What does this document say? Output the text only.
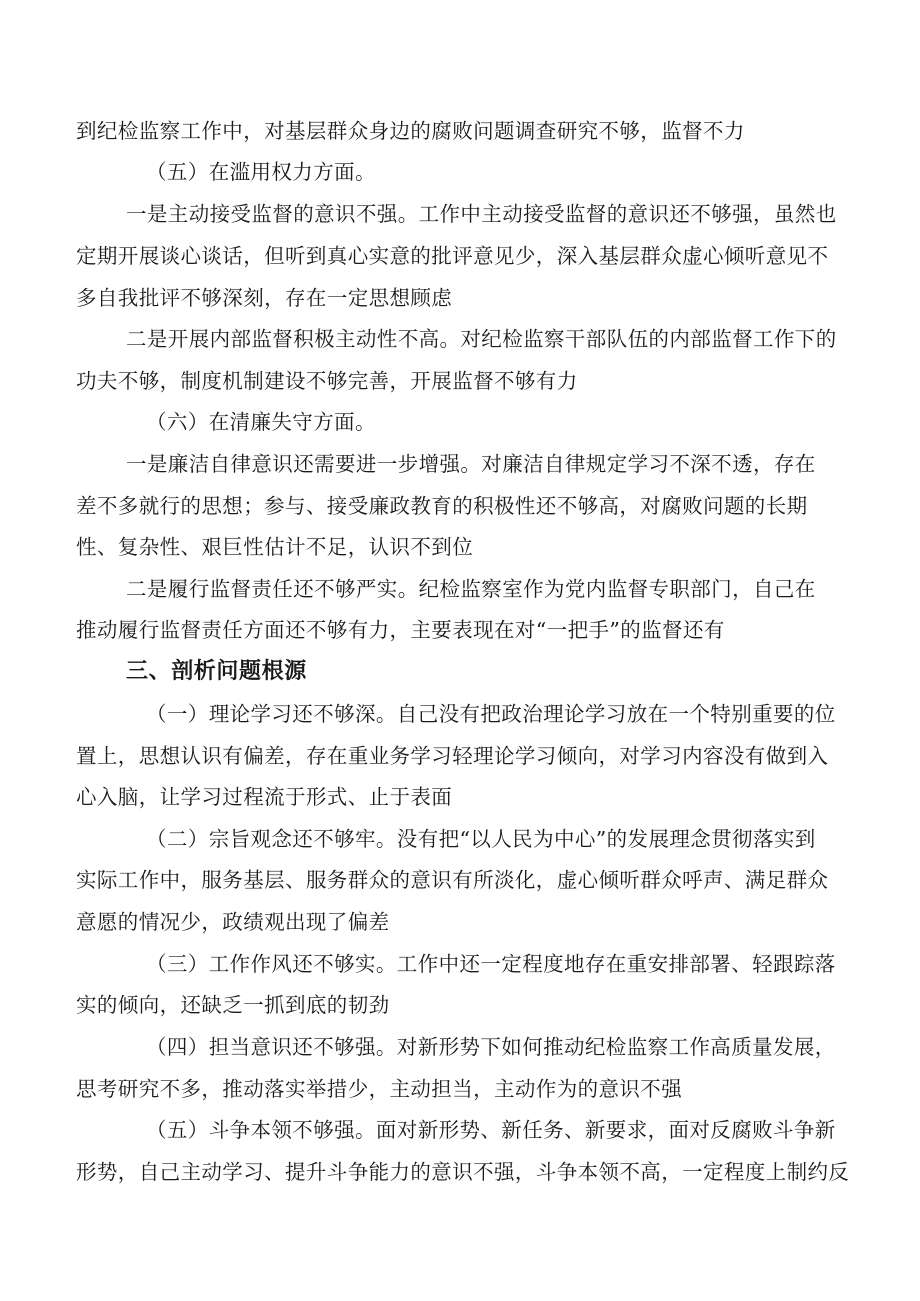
到纪检监察工作中，对基层群众身边的腐败问题调查研究不够，监督不力
（五）在滥用权力方面。
一是主动接受监督的意识不强。工作中主动接受监督的意识还不够强，虽然也
定期开展谈心谈话，但听到真心实意的批评意见少，深入基层群众虚心倾听意见不
多自我批评不够深刻，存在一定思想顾虑
二是开展内部监督积极主动性不高。对纪检监察干部队伍的内部监督工作下的
功夫不够，制度机制建设不够完善，开展监督不够有力
（六）在清廉失守方面。
一是廉洁自律意识还需要进一步增强。对廉洁自律规定学习不深不透，存在
差不多就行的思想；参与、接受廉政教育的积极性还不够高，对腐败问题的长期
性、复杂性、艰巨性估计不足，认识不到位
二是履行监督责任还不够严实。纪检监察室作为党内监督专职部门，自己在
推动履行监督责任方面还不够有力，主要表现在对“一把手”的监督还有
三、剖析问题根源
（一）理论学习还不够深。自己没有把政治理论学习放在一个特别重要的位
置上，思想认识有偏差，存在重业务学习轻理论学习倾向，对学习内容没有做到入
心入脑，让学习过程流于形式、止于表面
（二）宗旨观念还不够牢。没有把“以人民为中心”的发展理念贯彻落实到
实际工作中，服务基层、服务群众的意识有所淡化，虚心倾听群众呼声、满足群众
意愿的情况少，政绩观出现了偏差
（三）工作作风还不够实。工作中还一定程度地存在重安排部署、轻跟踪落
实的倾向，还缺乏一抓到底的韧劲
（四）担当意识还不够强。对新形势下如何推动纪检监察工作高质量发展，
思考研究不多，推动落实举措少，主动担当，主动作为的意识不强
（五）斗争本领不够强。面对新形势、新任务、新要求，面对反腐败斗争新
形势，自己主动学习、提升斗争能力的意识不强，斗争本领不高，一定程度上制约反
